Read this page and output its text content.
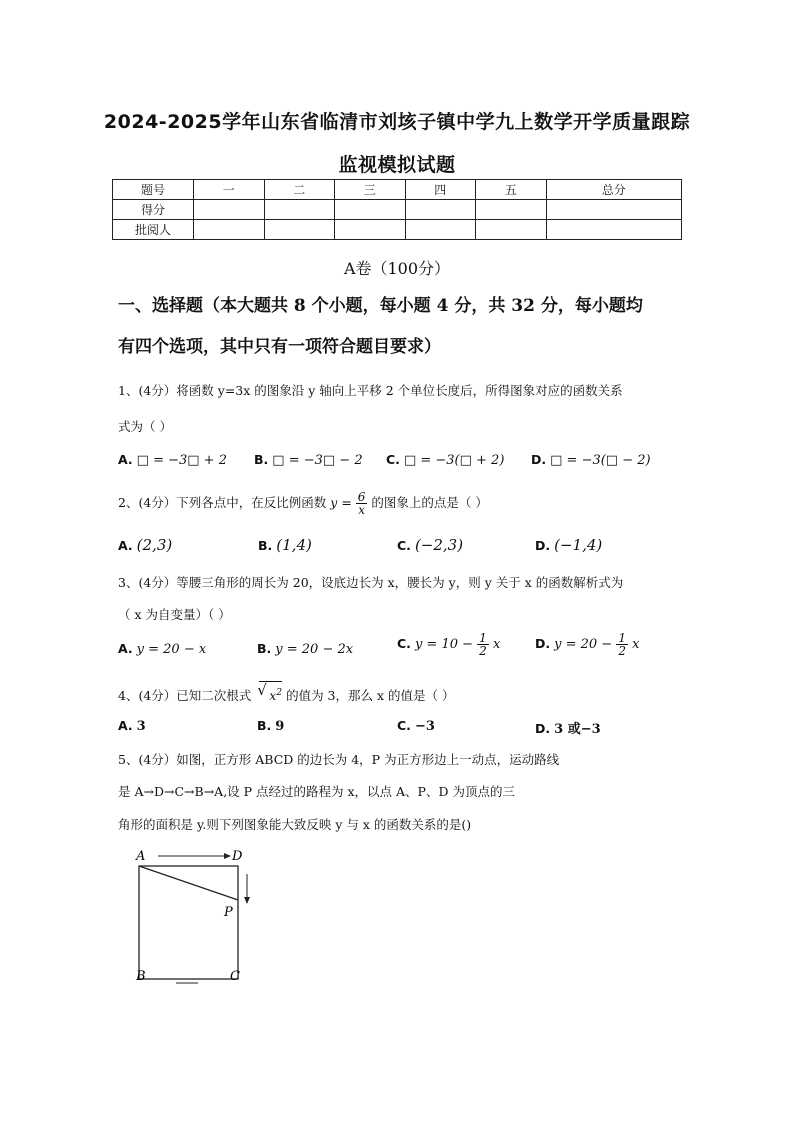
2024-2025学年山东省临清市刘垓子镇中学九上数学开学质量跟踪
监视模拟试题
题号	一	二	三	四	五	总分
得分						
批阅人						
A卷（100分）
一、选择题（本大题共 8 个小题，每小题 4 分，共 32 分，每小题均
有四个选项，其中只有一项符合题目要求）
1、(4分）将函数 y=3x 的图象沿 y 轴向上平移 2 个单位长度后，所得图象对应的函数关系
式为（ ）
A. □ = −3□ + 2 B. □ = −3□ − 2 C. □ = −3(□ + 2) D. □ = −3(□ − 2)
2、(4分）下列各点中，在反比例函数 $y = \frac{6}{x}$ 的图象上的点是（ ）
A. (2,3)	B. (1,4)	C. (−2,3)	D. (−1,4)
3、(4分）等腰三角形的周长为 20，设底边长为 x，腰长为 y，则 y 关于 x 的函数解析式为
（ x 为自变量）（ ）
A. y = 20 − x	B. y = 20 − 2x	C. $y = 10 - \frac{1}{2}$ x	D. $y = 20 - \frac{1}{2}$ x
4、(4分）已知二次根式 √ $x^2$ 的值为 3，那么 x 的值是（ ）
A. 3	B. 9	C. −3	D. 3 或−3
5、(4分）如图，正方形 ABCD 的边长为 4，P 为正方形边上一动点，运动路线
是 A→D→C→B→A,设 P 点经过的路程为 x，以点 A、P、D 为顶点的三
角形的面积是 y.则下列图象能大致反映 y 与 x 的函数关系的是()
A	D
P
B	C
